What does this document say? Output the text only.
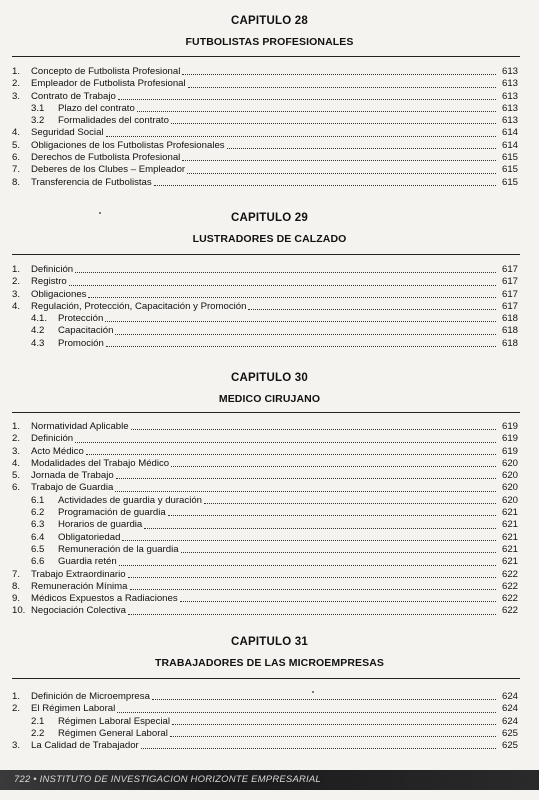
CAPITULO 28
FUTBOLISTAS PROFESIONALES
1.	Concepto de Futbolista Profesional	613
2.	Empleador de Futbolista Profesional	613
3.	Contrato de Trabajo	613
3.1	Plazo del contrato	613
3.2	Formalidades del contrato	613
4.	Seguridad Social	614
5.	Obligaciones de los Futbolistas Profesionales	614
6.	Derechos de Futbolista Profesional	615
7.	Deberes de los Clubes – Empleador	615
8.	Transferencia de Futbolistas	615
CAPITULO 29
LUSTRADORES DE CALZADO
1.	Definición	617
2.	Registro	617
3.	Obligaciones	617
4.	Regulación, Protección, Capacitación y Promoción	617
4.1.	Protección	618
4.2	Capacitación	618
4.3	Promoción	618
CAPITULO 30
MEDICO CIRUJANO
1.	Normatividad Aplicable	619
2.	Definición	619
3.	Acto Médico	619
4.	Modalidades del Trabajo Médico	620
5.	Jornada de Trabajo	620
6.	Trabajo de Guardia	620
6.1	Actividades de guardia y duración	620
6.2	Programación de guardia	621
6.3	Horarios de guardia	621
6.4	Obligatoriedad	621
6.5	Remuneración de la guardia	621
6.6	Guardia retén	621
7.	Trabajo Extraordinario	622
8.	Remuneración Mínima	622
9.	Médicos Expuestos a Radiaciones	622
10. Negociación Colectiva	622
CAPITULO 31
TRABAJADORES DE LAS MICROEMPRESAS
1.	Definición de Microempresa	624
2.	El Régimen Laboral	624
2.1	Régimen Laboral Especial	624
2.2	Régimen General Laboral	625
3.	La Calidad de Trabajador	625
722 • INSTITUTO DE INVESTIGACION HORIZONTE EMPRESARIAL
